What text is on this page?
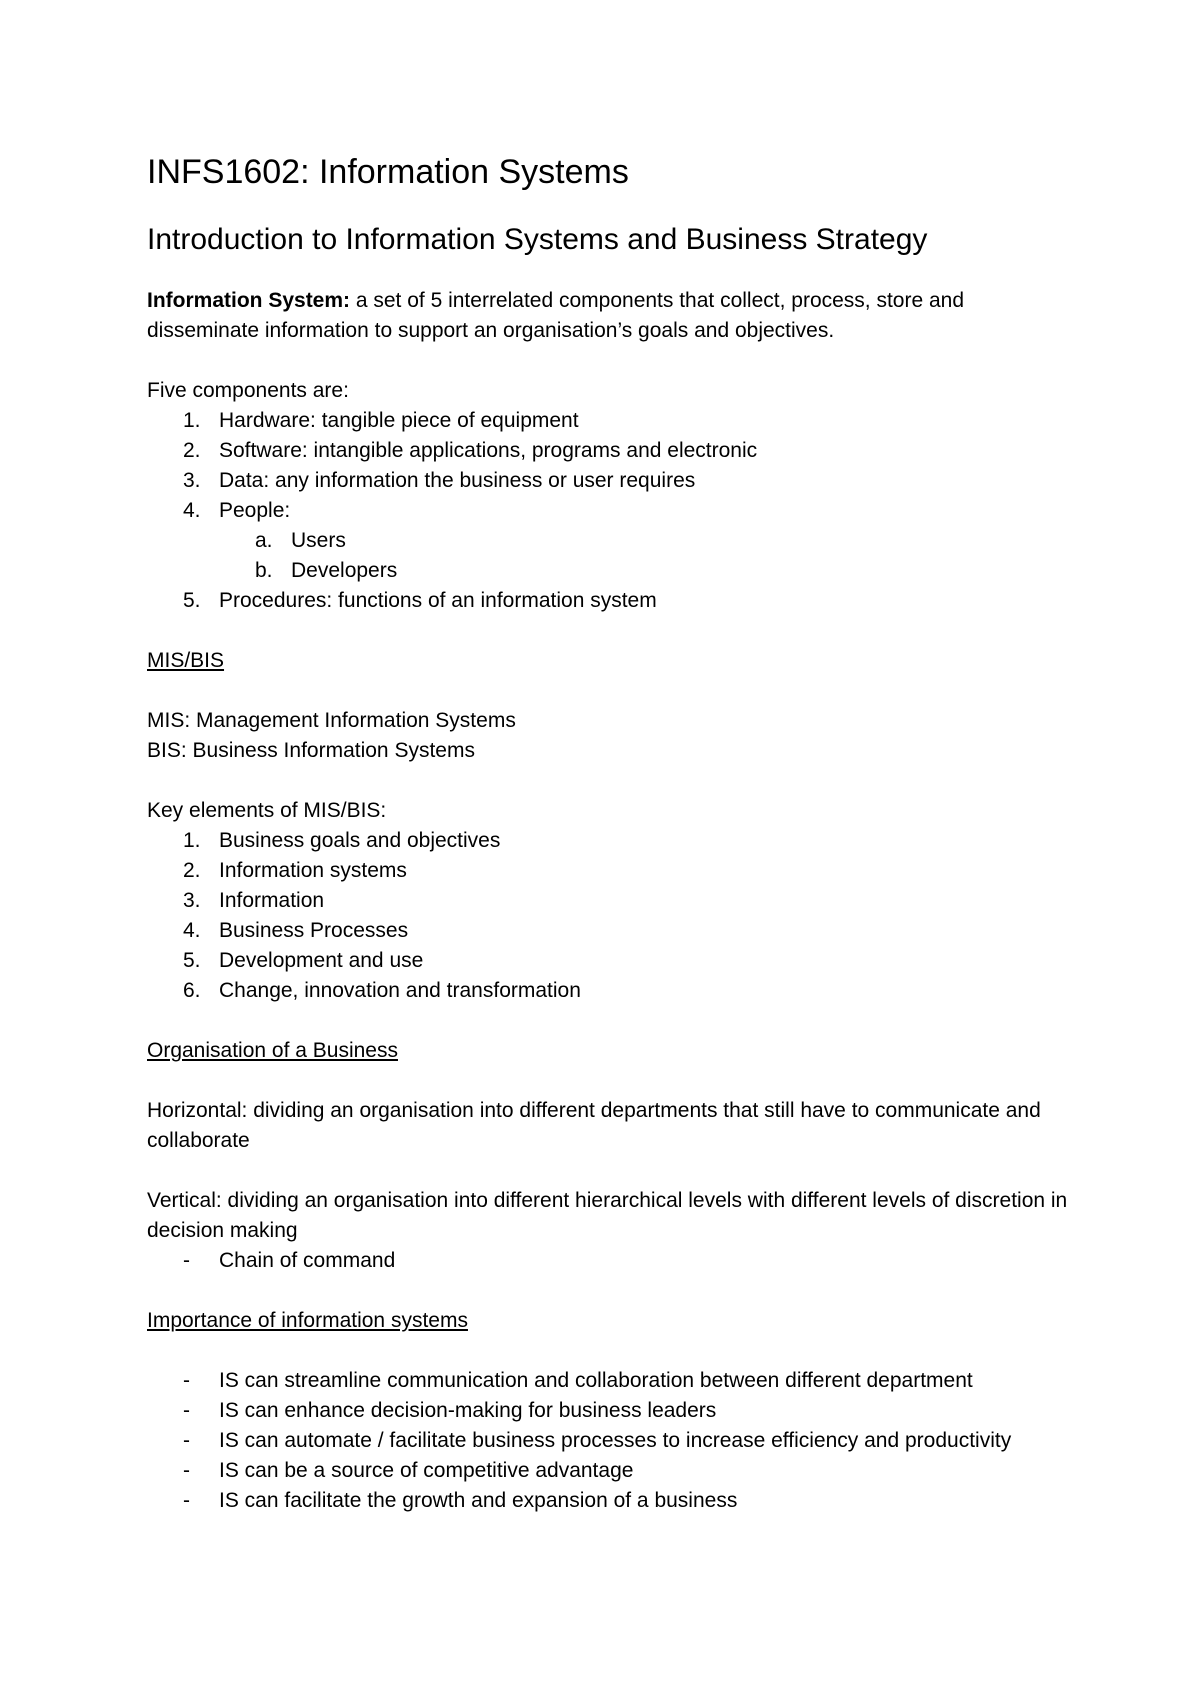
INFS1602: Information Systems
Introduction to Information Systems and Business Strategy

Information System: a set of 5 interrelated components that collect, process, store and disseminate information to support an organisation’s goals and objectives.

Five components are:

1. Hardware: tangible piece of equipment
2. Software: intangible applications, programs and electronic
3. Data: any information the business or user requires
4. People:
a. Users
b. Developers
5. Procedures: functions of an information system

MIS/BIS

MIS: Management Information Systems

BIS: Business Information Systems

Key elements of MIS/BIS:

1. Business goals and objectives
2. Information systems
3. Information
4. Business Processes
5. Development and use
6. Change, innovation and transformation

Organisation of a Business

Horizontal: dividing an organisation into different departments that still have to communicate and collaborate

Vertical: dividing an organisation into different hierarchical levels with different levels of discretion in decision making

-	Chain of command

Importance of information systems

-	IS can streamline communication and collaboration between different department
-	IS can enhance decision-making for business leaders
-	IS can automate / facilitate business processes to increase efficiency and productivity
-	IS can be a source of competitive advantage
-	IS can facilitate the growth and expansion of a business
